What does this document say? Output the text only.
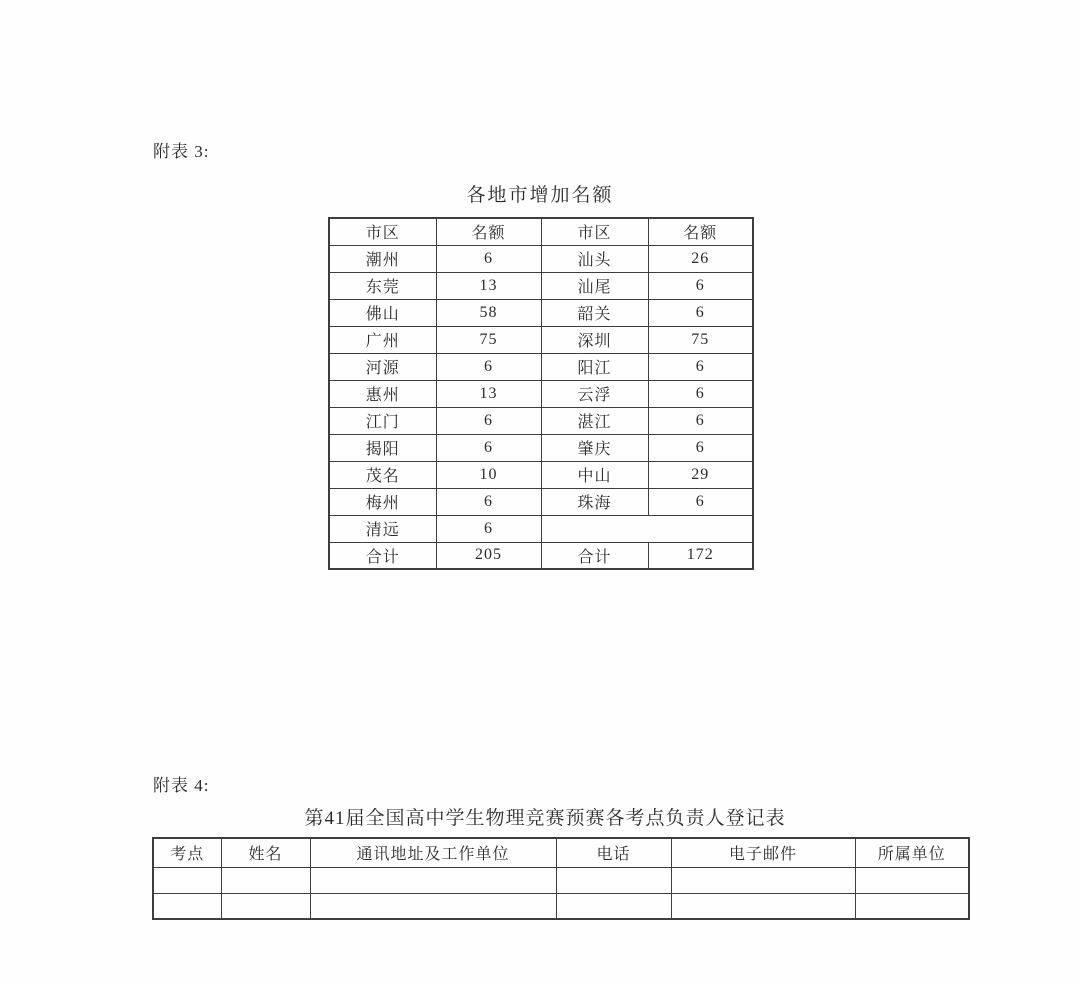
附表 3:
各地市增加名额
市区	名额	市区	名额
潮州	6	汕头	26
东莞	13	汕尾	6
佛山	58	韶关	6
广州	75	深圳	75
河源	6	阳江	6
惠州	13	云浮	6
江门	6	湛江	6
揭阳	6	肇庆	6
茂名	10	中山	29
梅州	6	珠海	6
清远	6		
合计	205	合计	172
附表 4:
第41届全国高中学生物理竞赛预赛各考点负责人登记表
考点	姓名	通讯地址及工作单位	电话	电子邮件	所属单位
